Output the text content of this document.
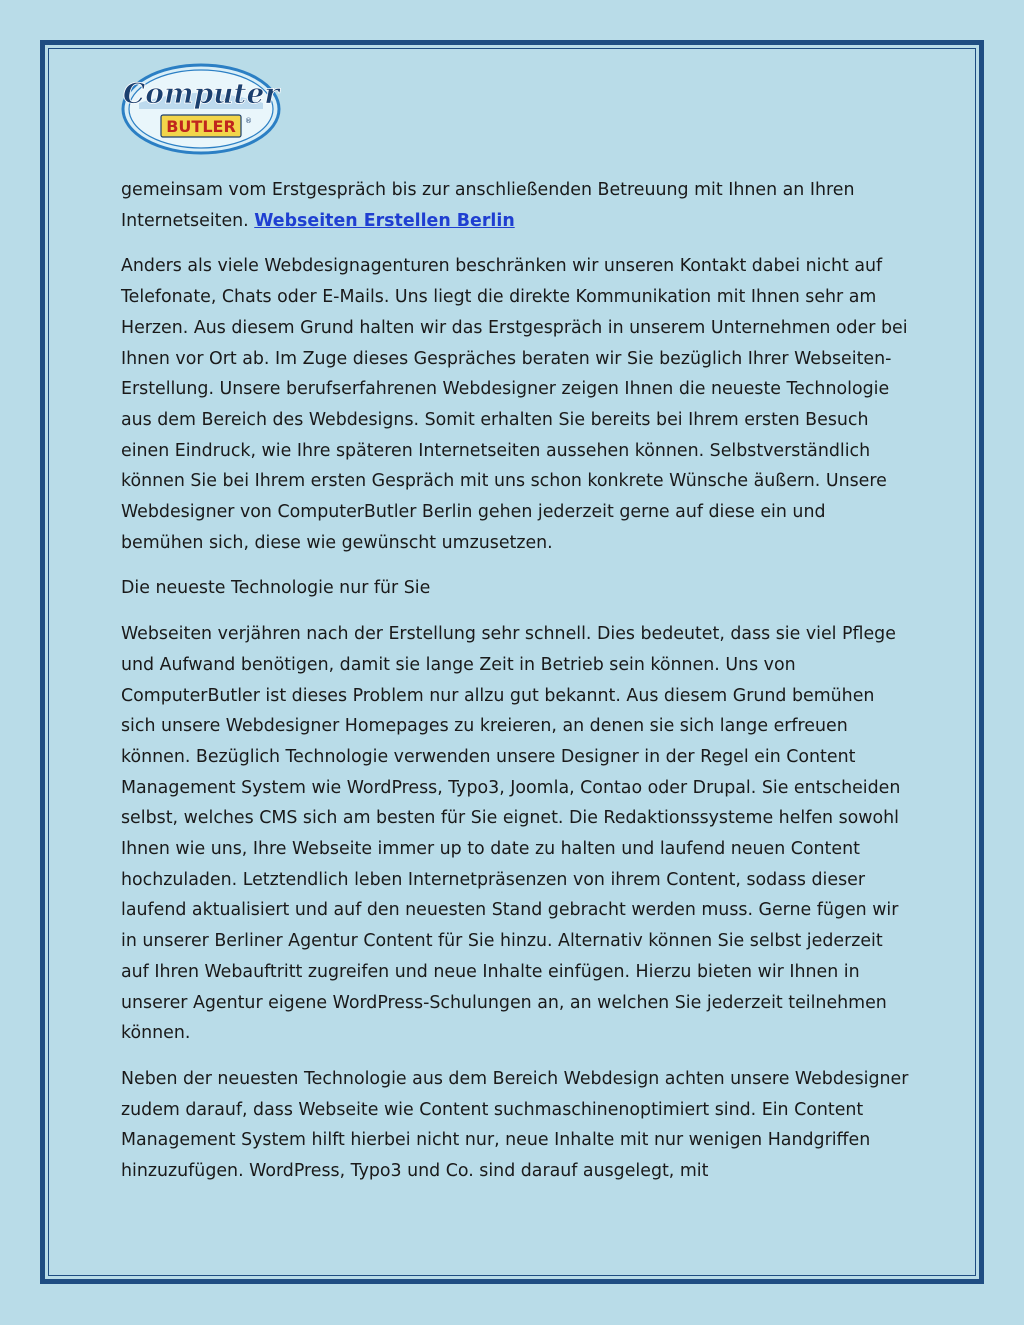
Computer
BUTLER ®

gemeinsam vom Erstgespräch bis zur anschließenden Betreuung mit Ihnen an Ihren Internetseiten. Webseiten Erstellen Berlin

Anders als viele Webdesignagenturen beschränken wir unseren Kontakt dabei nicht auf Telefonate, Chats oder E-Mails. Uns liegt die direkte Kommunikation mit Ihnen sehr am Herzen. Aus diesem Grund halten wir das Erstgespräch in unserem Unternehmen oder bei Ihnen vor Ort ab. Im Zuge dieses Gespräches beraten wir Sie bezüglich Ihrer Webseiten-Erstellung. Unsere berufserfahrenen Webdesigner zeigen Ihnen die neueste Technologie aus dem Bereich des Webdesigns. Somit erhalten Sie bereits bei Ihrem ersten Besuch einen Eindruck, wie Ihre späteren Internetseiten aussehen können. Selbstverständlich können Sie bei Ihrem ersten Gespräch mit uns schon konkrete Wünsche äußern. Unsere Webdesigner von ComputerButler Berlin gehen jederzeit gerne auf diese ein und bemühen sich, diese wie gewünscht umzusetzen.

Die neueste Technologie nur für Sie

Webseiten verjähren nach der Erstellung sehr schnell. Dies bedeutet, dass sie viel Pflege und Aufwand benötigen, damit sie lange Zeit in Betrieb sein können. Uns von ComputerButler ist dieses Problem nur allzu gut bekannt. Aus diesem Grund bemühen sich unsere Webdesigner Homepages zu kreieren, an denen sie sich lange erfreuen können. Bezüglich Technologie verwenden unsere Designer in der Regel ein Content Management System wie WordPress, Typo3, Joomla, Contao oder Drupal. Sie entscheiden selbst, welches CMS sich am besten für Sie eignet. Die Redaktionssysteme helfen sowohl Ihnen wie uns, Ihre Webseite immer up to date zu halten und laufend neuen Content hochzuladen. Letztendlich leben Internetpräsenzen von ihrem Content, sodass dieser laufend aktualisiert und auf den neuesten Stand gebracht werden muss. Gerne fügen wir in unserer Berliner Agentur Content für Sie hinzu. Alternativ können Sie selbst jederzeit auf Ihren Webauftritt zugreifen und neue Inhalte einfügen. Hierzu bieten wir Ihnen in unserer Agentur eigene WordPress-Schulungen an, an welchen Sie jederzeit teilnehmen können.

Neben der neuesten Technologie aus dem Bereich Webdesign achten unsere Webdesigner zudem darauf, dass Webseite wie Content suchmaschinenoptimiert sind. Ein Content Management System hilft hierbei nicht nur, neue Inhalte mit nur wenigen Handgriffen hinzuzufügen. WordPress, Typo3 und Co. sind darauf ausgelegt, mit
